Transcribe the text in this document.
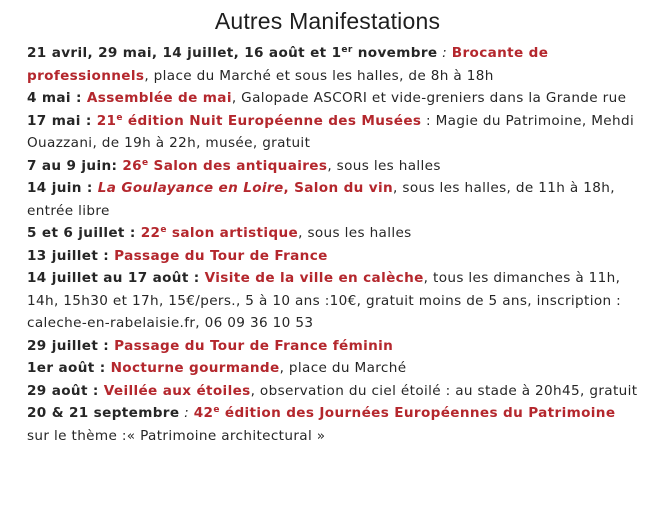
Autres Manifestations

21 avril, 29 mai, 14 juillet, 16 août et 1er novembre : Brocante de professionnels, place du Marché et sous les halles, de 8h à 18h

4 mai : Assemblée de mai, Galopade ASCORI et vide-greniers dans la Grande rue

17 mai : 21e édition Nuit Européenne des Musées : Magie du Patrimoine, Mehdi Ouazzani, de 19h à 22h, musée, gratuit

7 au 9 juin: 26e Salon des antiquaires, sous les halles

14 juin : La Goulayance en Loire, Salon du vin, sous les halles, de 11h à 18h, entrée libre

5 et 6 juillet : 22e salon artistique, sous les halles

13 juillet : Passage du Tour de France

14 juillet au 17 août : Visite de la ville en calèche, tous les dimanches à 11h, 14h, 15h30 et 17h, 15€/pers., 5 à 10 ans :10€, gratuit moins de 5 ans, inscription : caleche-en-rabelaisie.fr, 06 09 36 10 53

29 juillet : Passage du Tour de France féminin

1er août : Nocturne gourmande, place du Marché

29 août : Veillée aux étoiles, observation du ciel étoilé : au stade à 20h45, gratuit

20 & 21 septembre : 42e édition des Journées Européennes du Patrimoine sur le thème :« Patrimoine architectural »
